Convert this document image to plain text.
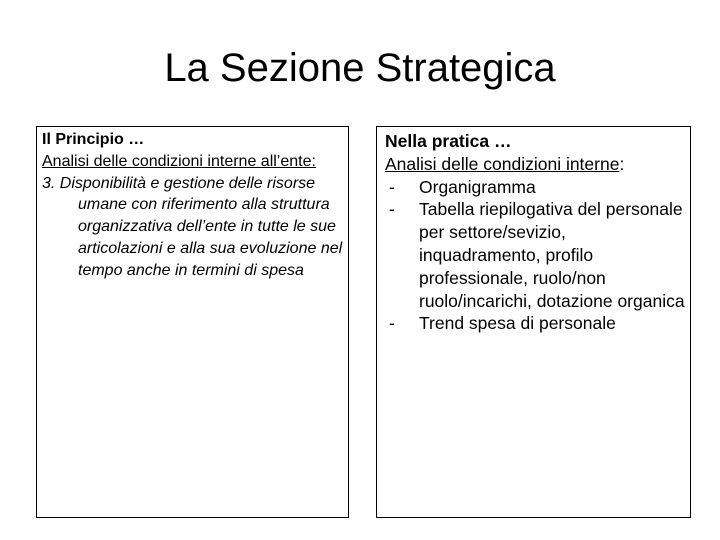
La Sezione Strategica
Il Principio …
Analisi delle condizioni interne all’ente:
3. Disponibilità e gestione delle risorse umane con riferimento alla struttura organizzativa dell’ente in tutte le sue articolazioni e alla sua evoluzione nel tempo anche in termini di spesa
Nella pratica …
Analisi delle condizioni interne:
- Organigramma
- Tabella riepilogativa del personale per settore/sevizio, inquadramento, profilo professionale, ruolo/non ruolo/incarichi, dotazione organica
- Trend spesa di personale
